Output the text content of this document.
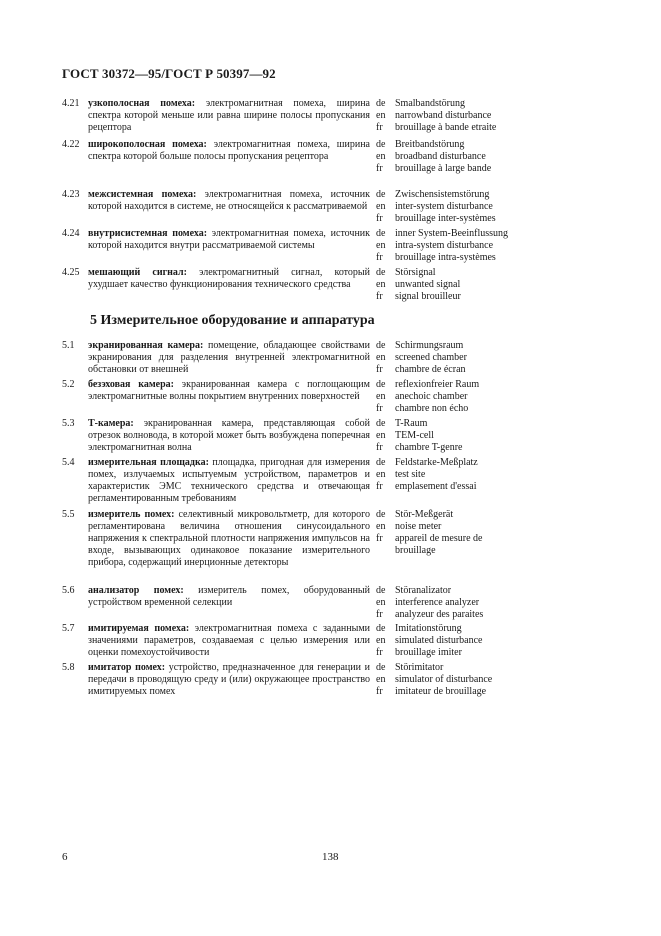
ГОСТ 30372—95/ГОСТ Р 50397—92
4.21 узкополосная помеха: электромагнитная помеха, ширина спектра которой меньше или равна ширине полосы пропускания рецептора
de Smalbandstörung
en narrowband disturbance
fr	brouillage à bande etraite
4.22 широкополосная помеха: электромагнитная помеха, ширина спектра которой больше полосы пропускания рецептора
de Breitbandstörung
en broadband disturbance
fr	brouillage à large bande
4.23 межсистемная помеха: электромагнитная помеха, источник которой находится в системе, не относящейся к рассматриваемой
de Zwischensistemstörung
en inter-system disturbance
fr	brouillage inter-systèmes
4.24 внутрисистемная помеха: электромагнитная помеха, источник которой находится внутри рассматриваемой системы
de inner System-Beeinflussung
en intra-system disturbance
fr	brouillage intra-systèmes
4.25 мешающий сигнал: электромагнитный сигнал, который ухудшает качество функционирования технического средства
de Störsignal
en unwanted signal
fr	signal brouilleur
5 Измерительное оборудование и аппаратура
5.1	экранированная камера: помещение, обладающее свойствами экранирования для разделения внутренней электромагнитной обстановки от внешней
de Schirmungsraum
en screened chamber
fr	chambre de écran
5.2	безэховая камера: экранированная камера с поглощающим электромагнитные волны покрытием внутренних поверхностей
de reflexionfreier Raum
en anechoic chamber
fr	chambre non écho
5.3	Т-камера: экранированная камера, представляющая собой отрезок волновода, в которой может быть возбуждена поперечная электромагнитная волна
de T-Raum
en TEM-cell
fr	chambre T-genre
5.4	измерительная площадка: площадка, пригодная для измерения помех, излучаемых испытуемым устройством, параметров и характеристик ЭМС технического средства и отвечающая регламентированным требованиям
de Feldstarke-Meßplatz
en test site
fr	emplasement d'essai
5.5	измеритель помех: селективный микровольтметр, для которого регламентирована величина отношения синусоидального напряжения к спектральной плотности напряжения импульсов на входе, вызывающих одинаковое показание измерительного прибора, содержащий инерционные детекторы
de Stör-Meßgerät
en noise meter
fr	appareil de mesure de
brouillage
5.6	анализатор помех: измеритель помех, оборудованный устройством временной селекции
de Störanalizator
en interference analyzer
fr	analyzeur des paraites
5.7	имитируемая помеха: электромагнитная помеха с заданными значениями параметров, создаваемая с целью измерения или оценки помехоустойчивости
de Imitationstörung
en simulated disturbance
fr	brouillage imiter
5.8	имитатор помех: устройство, предназначенное для генерации и передачи в проводящую среду и (или) окружающее пространство имитируемых помех
de Störimitator
en simulator of disturbance
fr	imitateur de brouillage
6	138
